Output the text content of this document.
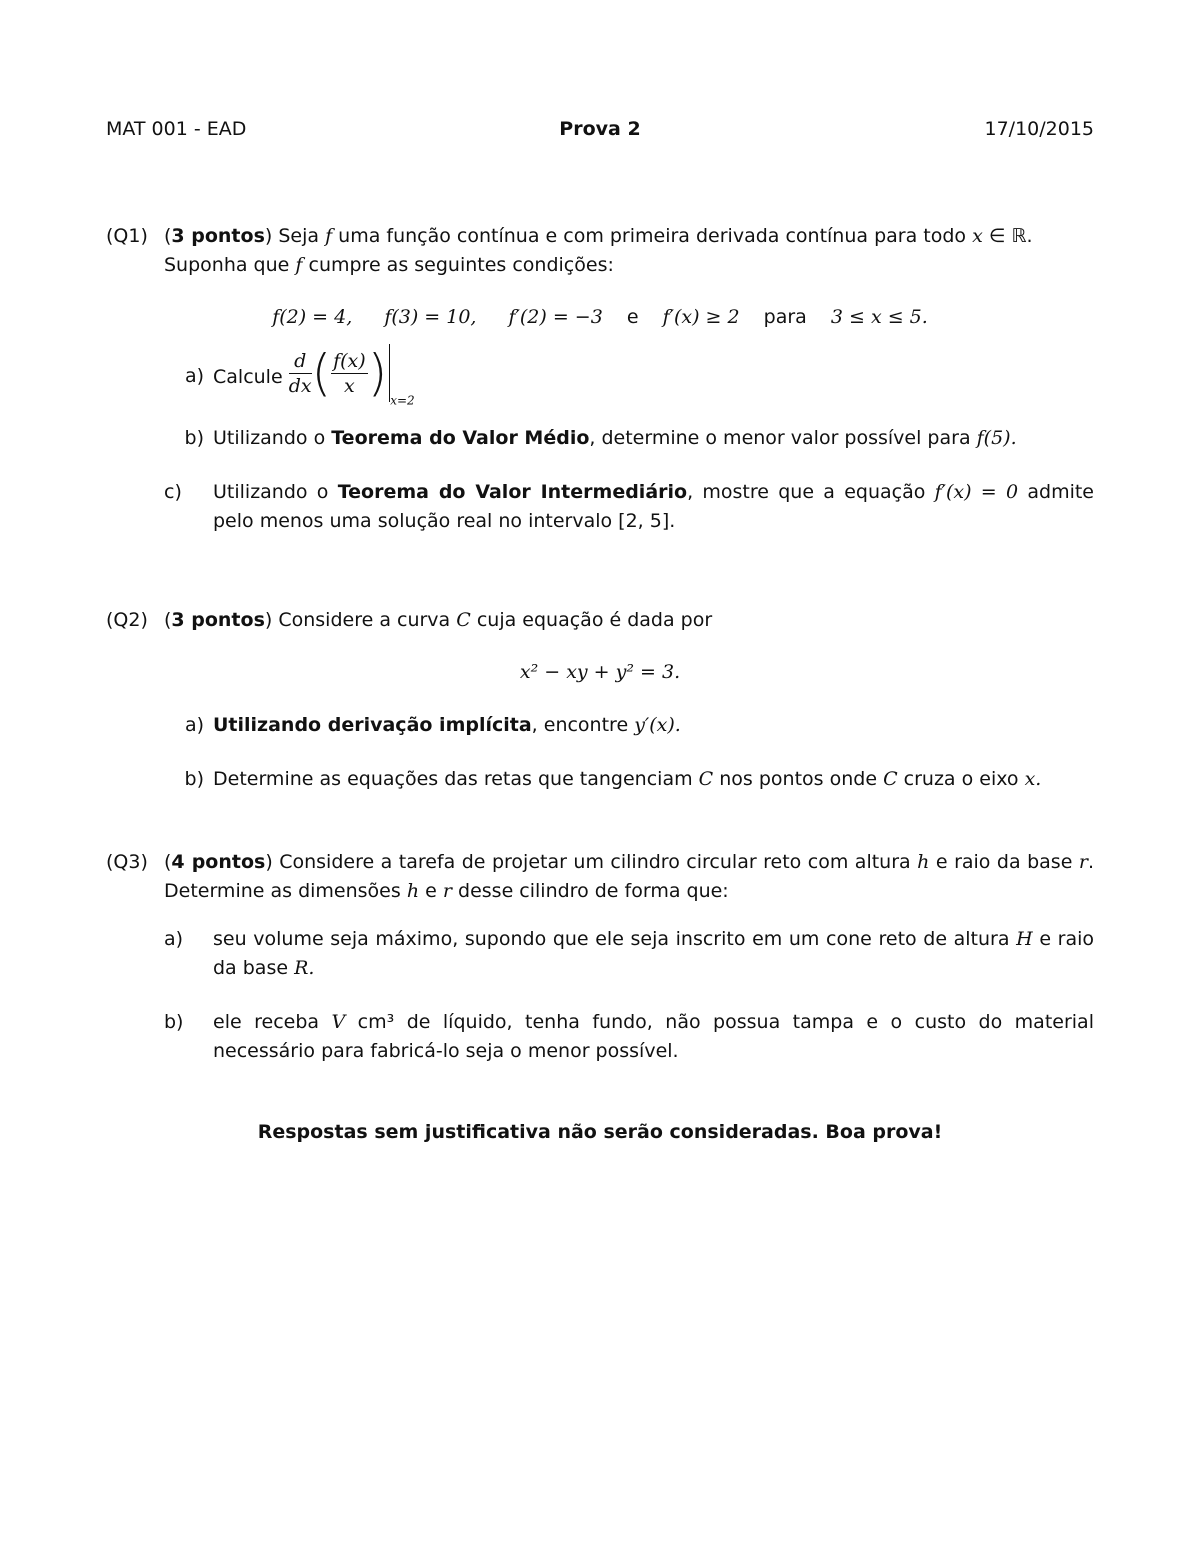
MAT 001 - EAD	Prova 2	17/10/2015
(Q1) (3 pontos) Seja f uma função contínua e com primeira derivada contínua para todo x ∈ ℝ.
Suponha que f cumpre as seguintes condições:
f(2) = 4, f(3) = 10, f′(2) = −3 e f′(x) ≥ 2 para 3 ≤ x ≤ 5.
a) Calcule $\frac{d}{dx}$ ( $\frac{f(x)}{x}$ ) $_{x=2}$
b) Utilizando o Teorema do Valor Médio, determine o menor valor possível para f(5).
c)	Utilizando o Teorema do Valor Intermediário, mostre que a equação f′(x) = 0 admite pelo menos uma solução real no intervalo [2, 5].
(Q2) (3 pontos) Considere a curva C cuja equação é dada por
x² − xy + y² = 3.
a) Utilizando derivação implícita, encontre y′(x).
b) Determine as equações das retas que tangenciam C nos pontos onde C cruza o eixo x.
(Q3) (4 pontos) Considere a tarefa de projetar um cilindro circular reto com altura h e raio da base r. Determine as dimensões h e r desse cilindro de forma que:
a)	seu volume seja máximo, supondo que ele seja inscrito em um cone reto de altura H e raio da base R.
b)	ele receba V cm³ de líquido, tenha fundo, não possua tampa e o custo do material necessário para fabricá-lo seja o menor possível.
Respostas sem justificativa não serão consideradas. Boa prova!
